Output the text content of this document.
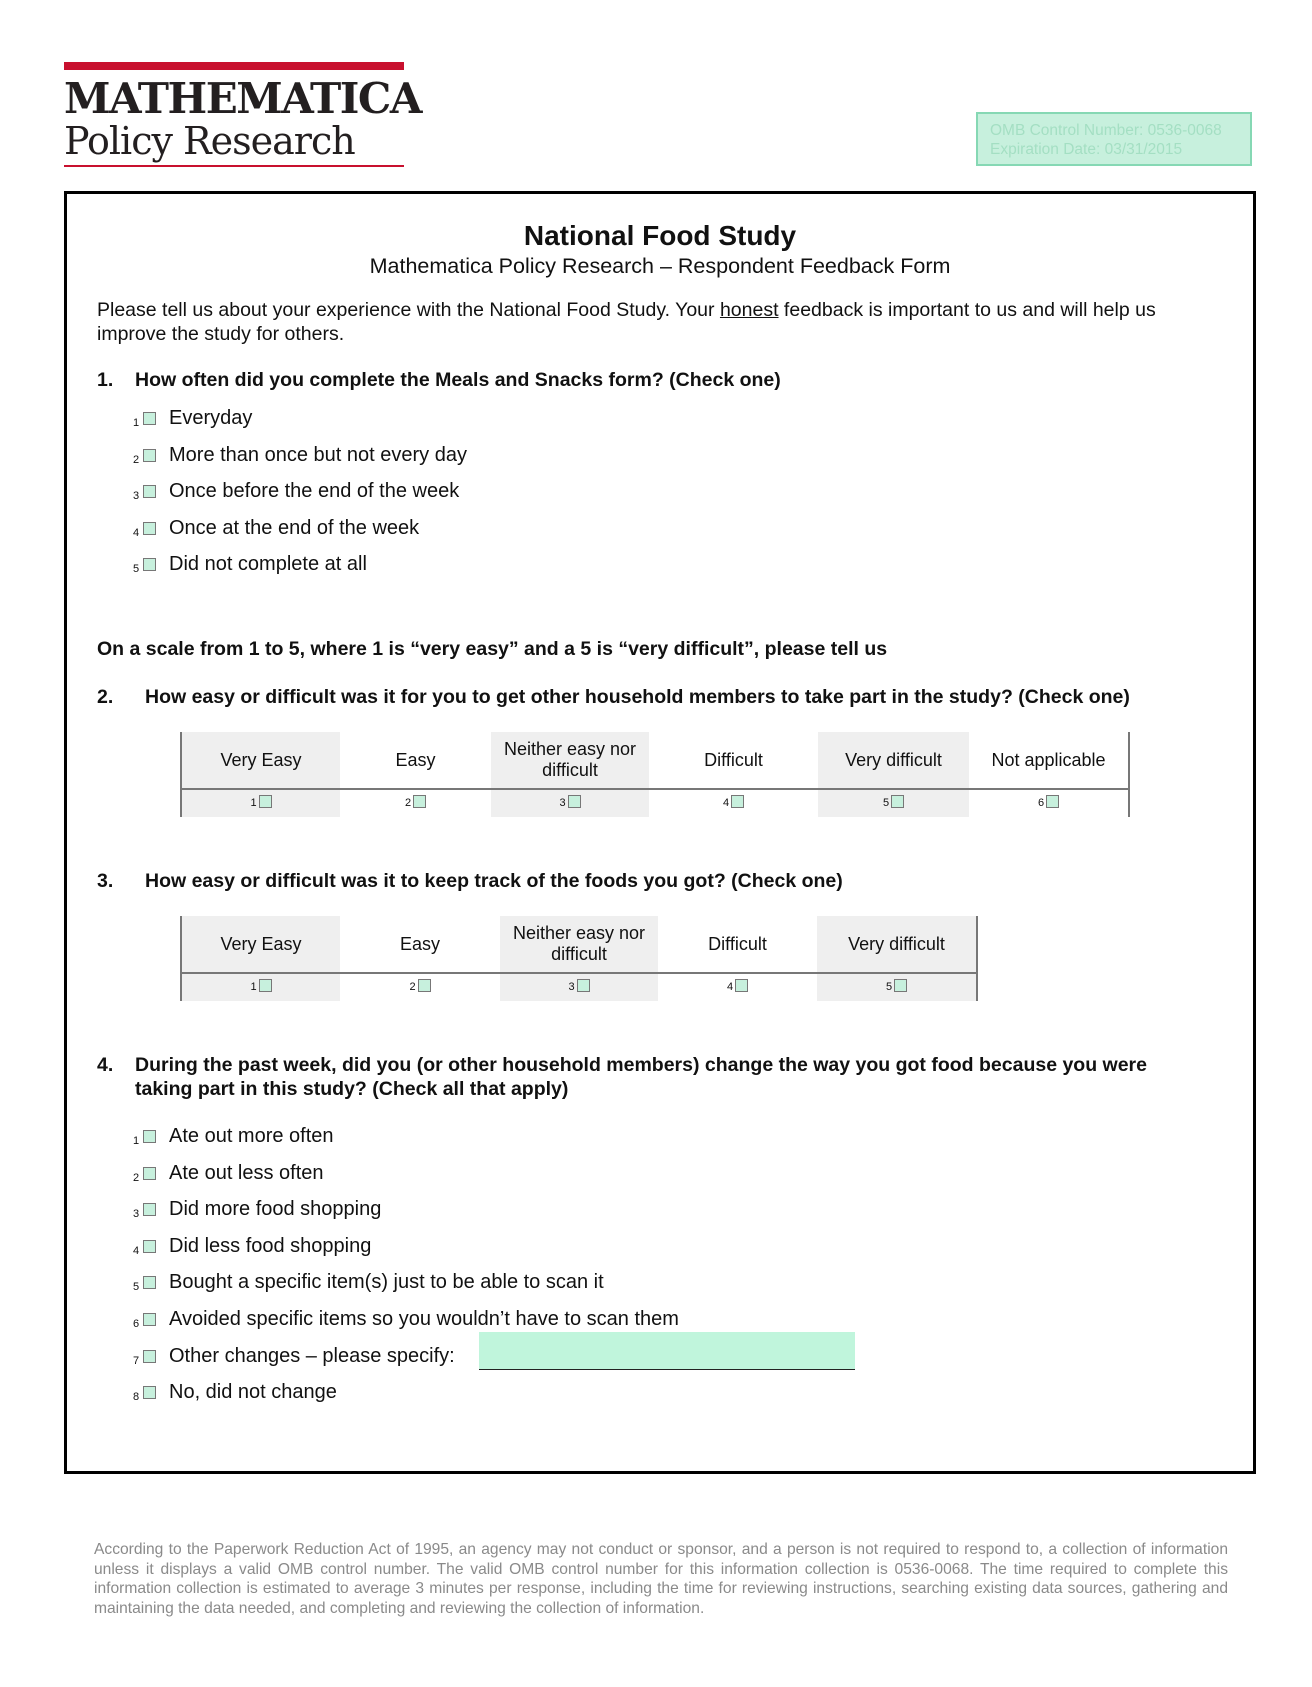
MATHEMATICA
Policy Research	OMB Control Number: 0536-0068
Expiration Date: 03/31/2015
National Food Study
Mathematica Policy Research – Respondent Feedback Form
Please tell us about your experience with the National Food Study. Your honest feedback is important to us and will help us improve the study for others.
1. How often did you complete the Meals and Snacks form? (Check one)
1 Everyday
2 More than once but not every day
3 Once before the end of the week
4 Once at the end of the week
5 Did not complete at all
On a scale from 1 to 5, where 1 is “very easy” and a 5 is “very difficult”, please tell us
2. How easy or difficult was it for you to get other household members to take part in the study? (Check one)
Very Easy	Easy	Neither easy nor difficult	Difficult	Very difficult	Not applicable
1	2	3	4	5	6
3. How easy or difficult was it to keep track of the foods you got? (Check one)
Very Easy	Easy	Neither easy nor difficult	Difficult	Very difficult
1	2	3	4	5
4. During the past week, did you (or other household members) change the way you got food because you were
taking part in this study? (Check all that apply)
1 Ate out more often
2 Ate out less often
3 Did more food shopping
4 Did less food shopping
5 Bought a specific item(s) just to be able to scan it
6 Avoided specific items so you wouldn’t have to scan them
7 Other changes – please specify:
8 No, did not change
According to the Paperwork Reduction Act of 1995, an agency may not conduct or sponsor, and a person is not required to respond to, a collection of information unless it displays a valid OMB control number. The valid OMB control number for this information collection is 0536-0068. The time required to complete this information collection is estimated to average 3 minutes per response, including the time for reviewing instructions, searching existing data sources, gathering and maintaining the data needed, and completing and reviewing the collection of information.
